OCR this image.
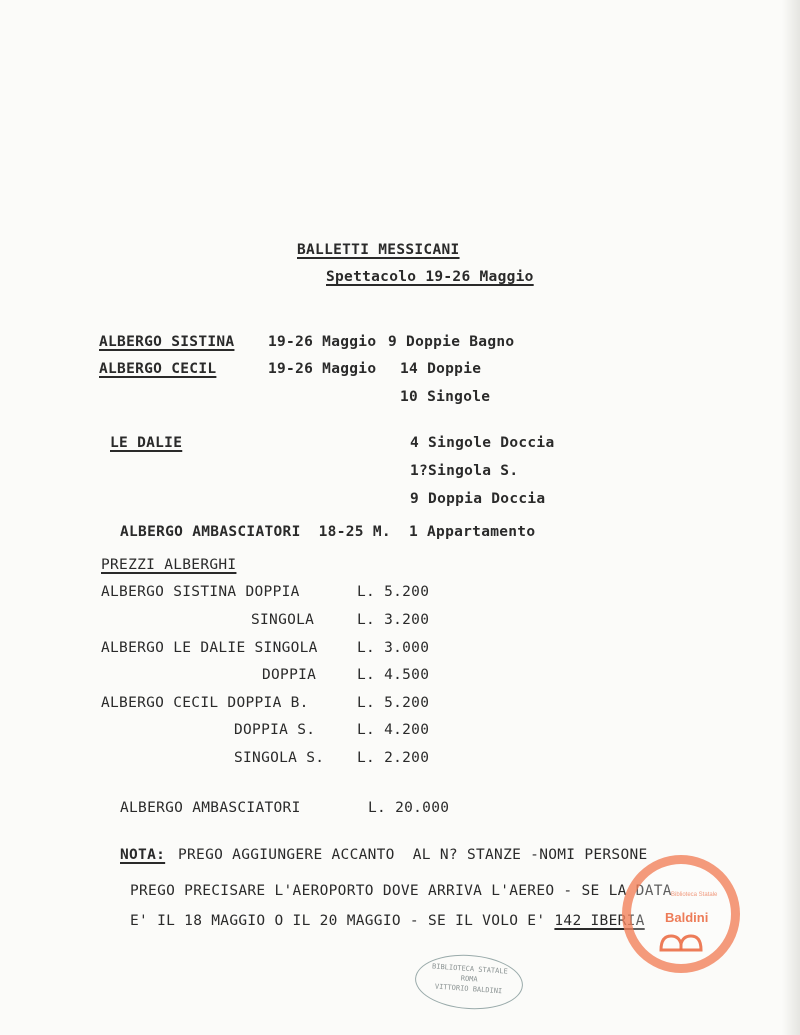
BALLETTI MESSICANI
Spettacolo 19-26 Maggio
ALBERGO SISTINA 19-26 Maggio 9 Doppie Bagno
ALBERGO CECIL	19-26 Maggio 14 Doppie
10 Singole
LE DALIE	4 Singole Doccia
1?Singola S.
9 Doppia Doccia
ALBERGO AMBASCIATORI  18-25 M.  1 Appartamento
PREZZI ALBERGHI
ALBERGO SISTINA DOPPIA	L. 5.200
SINGOLA	L. 3.200
ALBERGO LE DALIE SINGOLA	L. 3.000
DOPPIA	L. 4.500
ALBERGO CECIL DOPPIA B.	L. 5.200
DOPPIA S.	L. 4.200
SINGOLA S. L. 2.200
ALBERGO AMBASCIATORI	L. 20.000
NOTA: PREGO AGGIUNGERE ACCANTO  AL N? STANZE -NOMI PERSONE
PREGO PRECISARE L'AEROPORTO DOVE ARRIVA L'AEREO - SE LA DATA
E' IL 18 MAGGIO O IL 20 MAGGIO - SE IL VOLO E' 142 IBERIA
BIBLIOTECA STATALE
ROMA
VITTORIO BALDINI
Biblioteca Statale
Baldini
